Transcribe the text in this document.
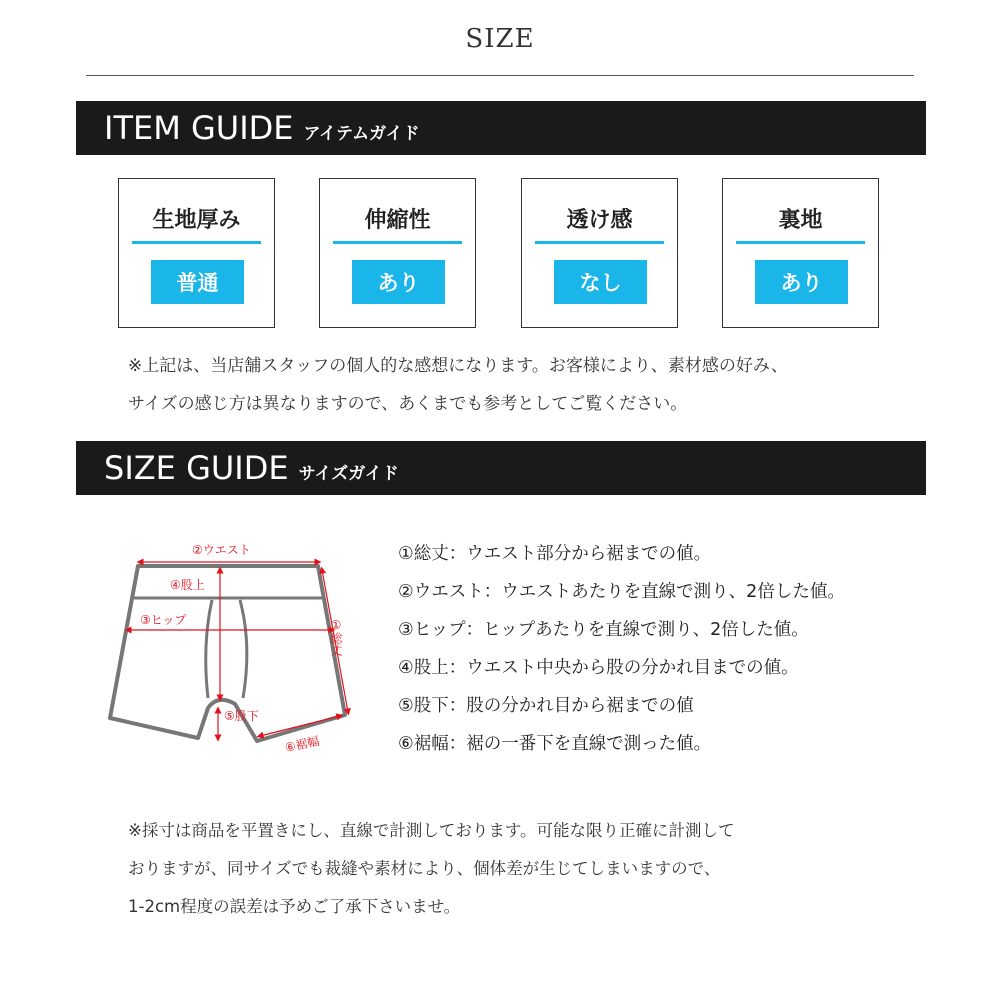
SIZE
ITEM GUIDE アイテムガイド
生地厚み
普通
伸縮性
あり
透け感
なし
裏地
あり
※上記は、当店舗スタッフの個人的な感想になります。お客様により、素材感の好み、
サイズの感じ方は異なりますので、あくまでも参考としてご覧ください。
SIZE GUIDE サイズガイド
②ウエスト
④股上
③ヒップ	①総丈
⑤股下
⑥裾幅
①総丈：ウエスト部分から裾までの値。
②ウエスト：ウエストあたりを直線で測り、2倍した値。
③ヒップ：ヒップあたりを直線で測り、2倍した値。
④股上：ウエスト中央から股の分かれ目までの値。
⑤股下：股の分かれ目から裾までの値
⑥裾幅：裾の一番下を直線で測った値。
※採寸は商品を平置きにし、直線で計測しております。可能な限り正確に計測して
おりますが、同サイズでも裁縫や素材により、個体差が生じてしまいますので、
1-2cm程度の誤差は予めご了承下さいませ。
